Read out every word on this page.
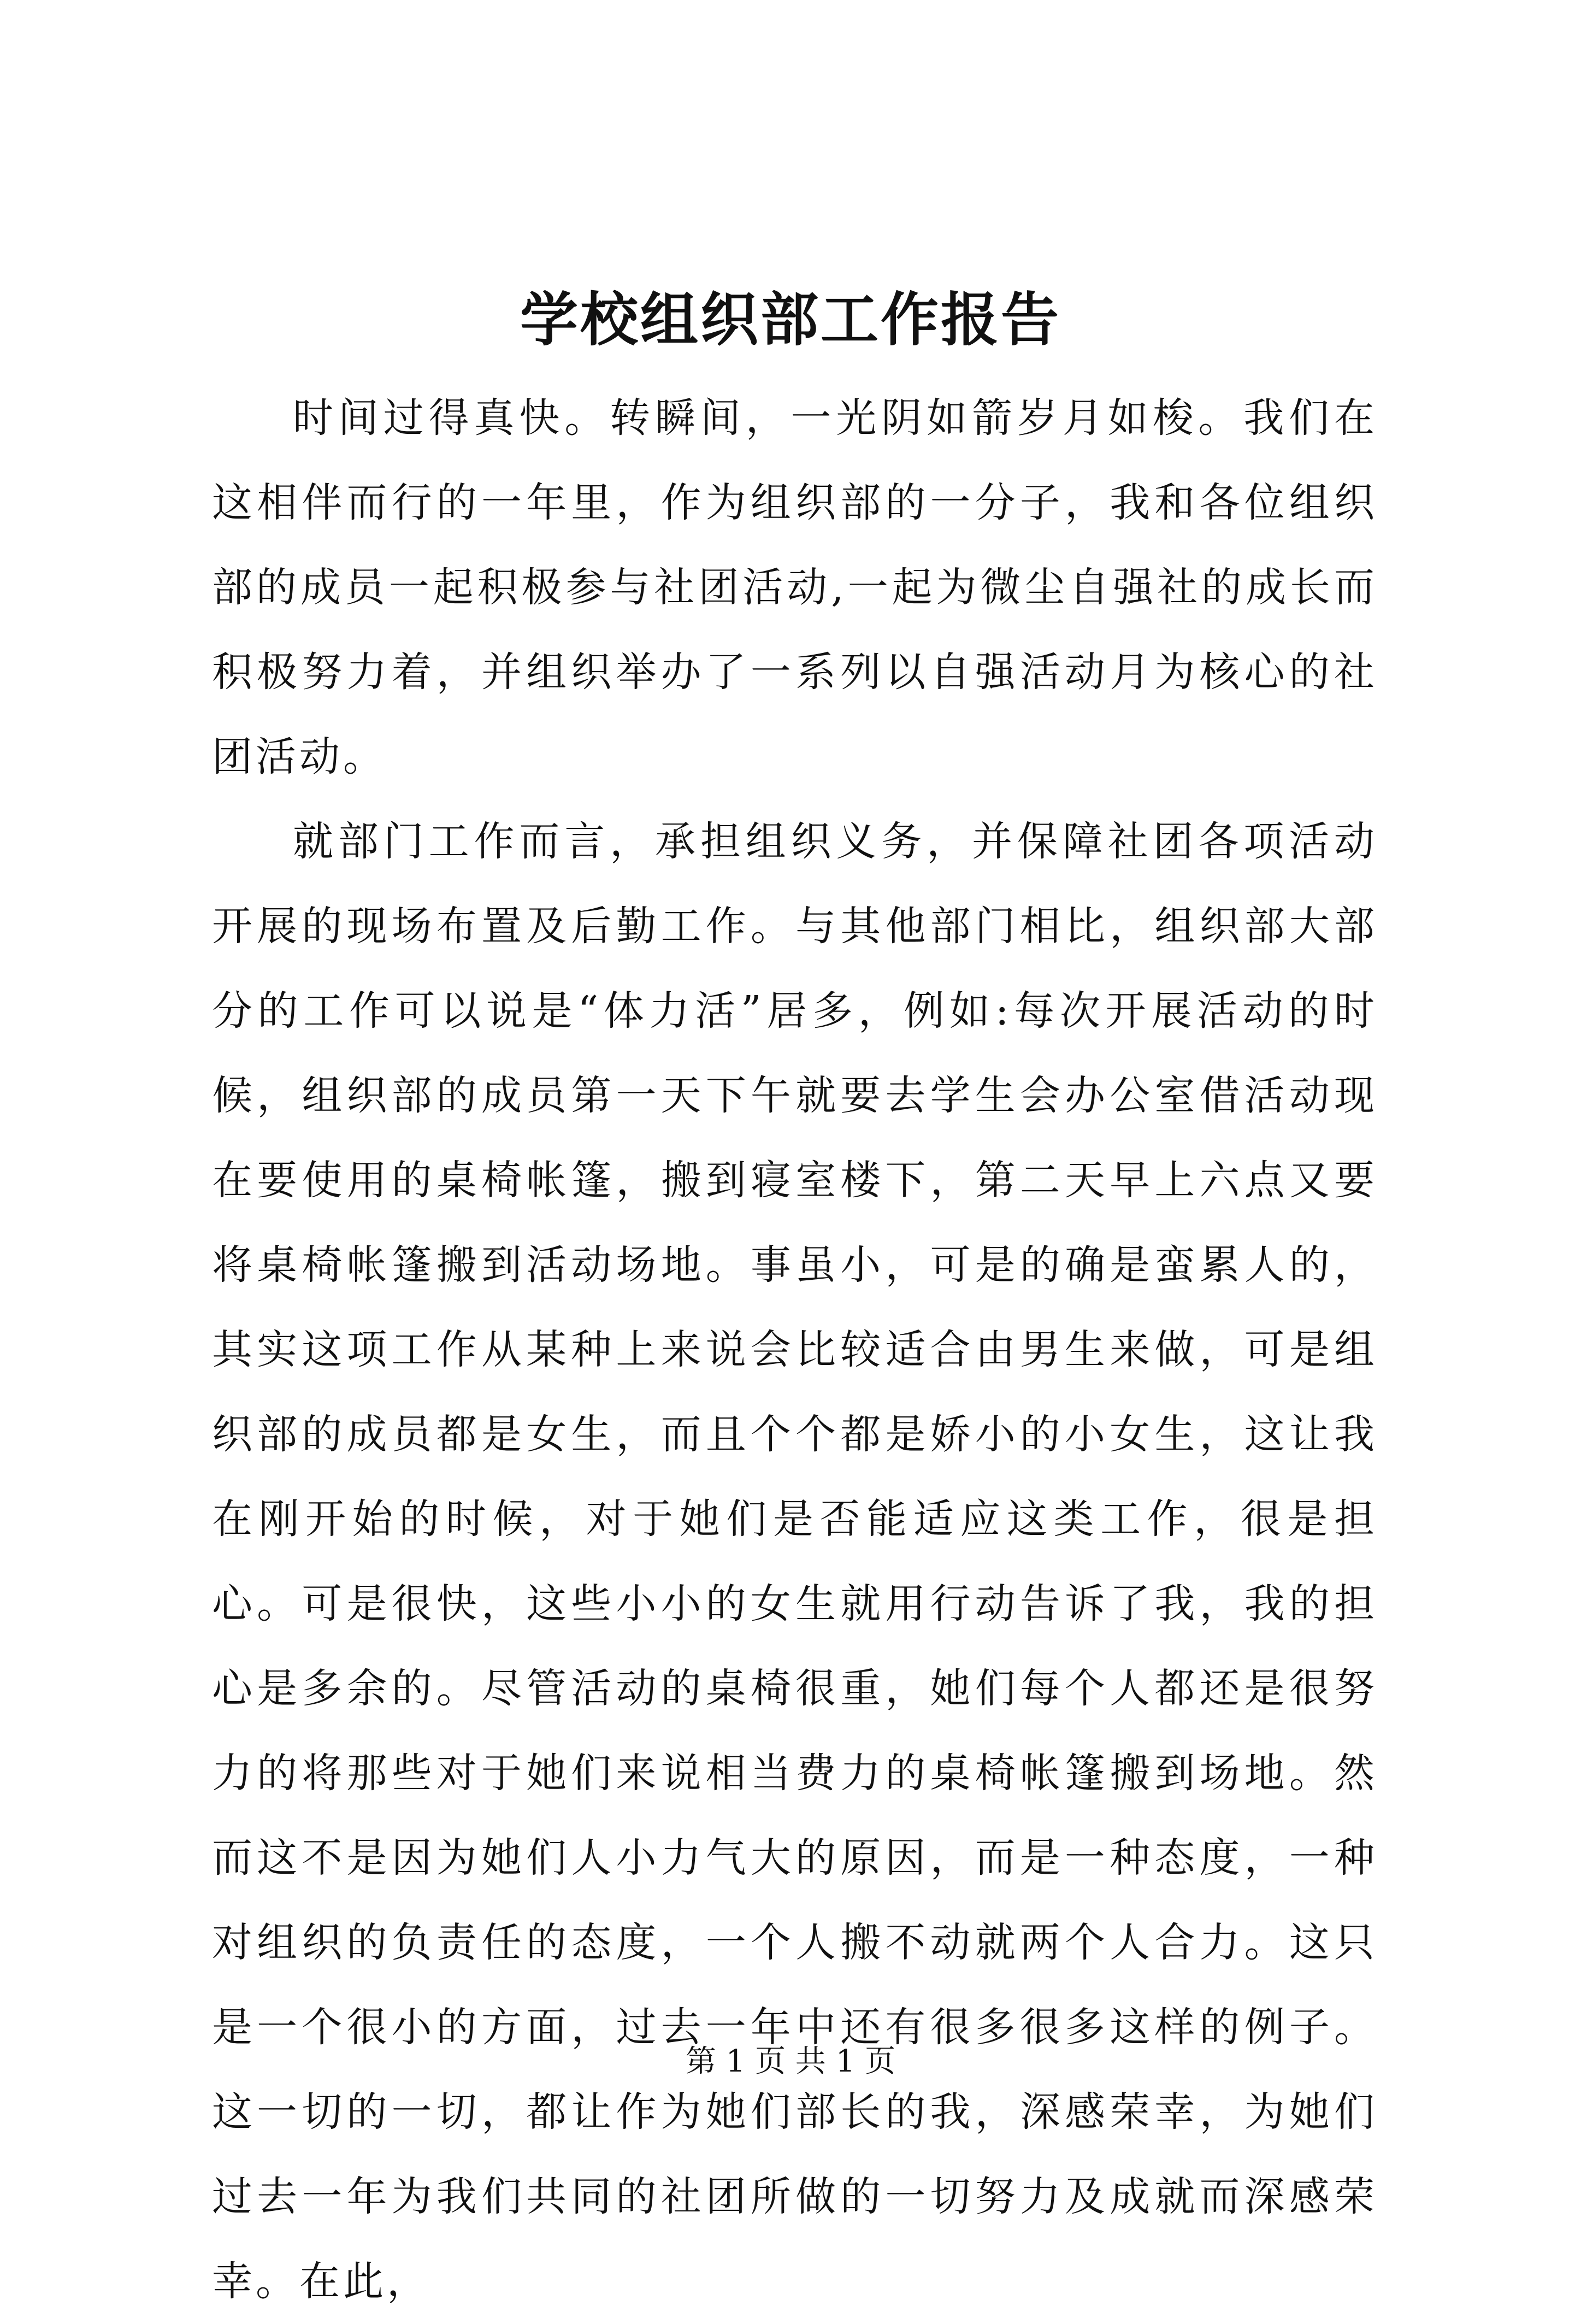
学校组织部工作报告

时间过得真快。转瞬间，一光阴如箭岁月如梭。我们在这相伴而行的一年里，作为组织部的一分子，我和各位组织部的成员一起积极参与社团活动,一起为微尘自强社的成长而积极努力着，并组织举办了一系列以自强活动月为核心的社团活动。

就部门工作而言，承担组织义务，并保障社团各项活动开展的现场布置及后勤工作。与其他部门相比，组织部大部分的工作可以说是“体力活”居多，例如:每次开展活动的时候，组织部的成员第一天下午就要去学生会办公室借活动现在要使用的桌椅帐篷，搬到寝室楼下，第二天早上六点又要将桌椅帐篷搬到活动场地。事虽小，可是的确是蛮累人的，其实这项工作从某种上来说会比较适合由男生来做，可是组织部的成员都是女生，而且个个都是娇小的小女生，这让我在刚开始的时候，对于她们是否能适应这类工作，很是担心。可是很快，这些小小的女生就用行动告诉了我，我的担心是多余的。尽管活动的桌椅很重，她们每个人都还是很努力的将那些对于她们来说相当费力的桌椅帐篷搬到场地。然而这不是因为她们人小力气大的原因，而是一种态度，一种对组织的负责任的态度，一个人搬不动就两个人合力。这只是一个很小的方面，过去一年中还有很多很多这样的例子。这一切的一切，都让作为她们部长的我，深感荣幸，为她们过去一年为我们共同的社团所做的一切努力及成就而深感荣幸。在此，

第 1 页 共 1 页
